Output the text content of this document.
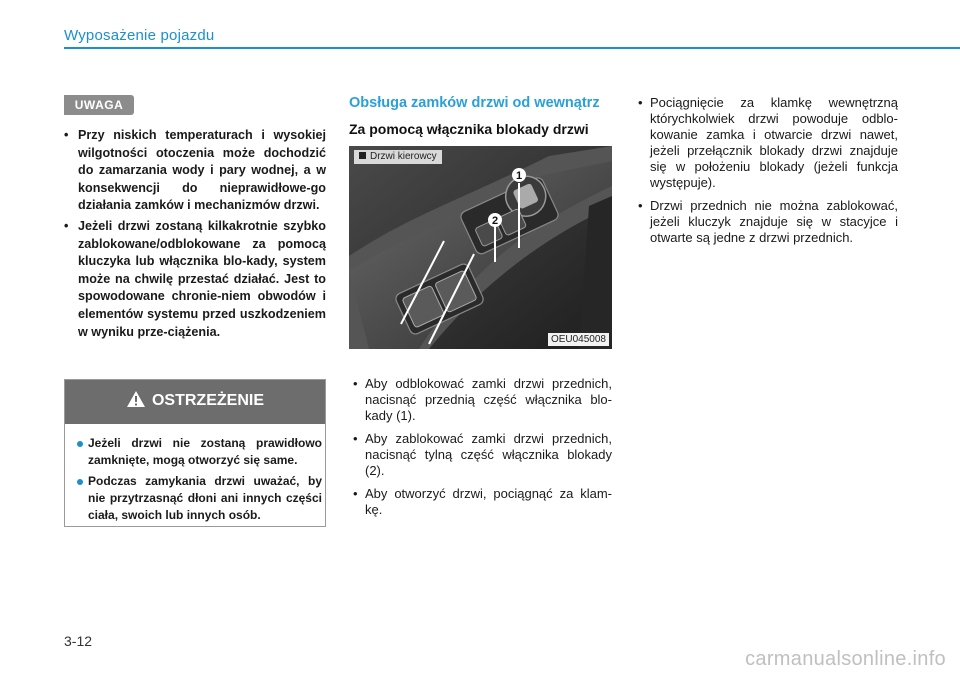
Wyposażenie pojazdu
UWAGA
• Przy niskich temperaturach i wysokiej wilgotności otoczenia może dochodzić do zamarzania wody i pary wodnej, a w konsekwencji do nieprawidłowe-go działania zamków i mechanizmów drzwi.
• Jeżeli drzwi zostaną kilkakrotnie szybko zablokowane/odblokowane za pomocą kluczyka lub włącznika blo-kady, system może na chwilę przestać działać. Jest to spowodowane chronie-niem obwodów i elementów systemu przed uszkodzeniem w wyniku prze-ciążenia.
OSTRZEŻENIE
Jeżeli drzwi nie zostaną prawidłowo zamknięte, mogą otworzyć się same.
Podczas zamykania drzwi uważać, by nie przytrzasnąć dłoni ani innych części ciała, swoich lub innych osób.
Obsługa zamków drzwi od wewnątrz
Za pomocą włącznika blokady drzwi
1
2
Drzwi kierowcy
OEU045008
• Aby odblokować zamki drzwi przednich, nacisnąć przednią część włącznika blo-kady (1).
• Aby zablokować zamki drzwi przednich, nacisnąć tylną część włącznika blokady (2).
• Aby otworzyć drzwi, pociągnąć za klam-kę.
• Pociągnięcie za klamkę wewnętrzną którychkolwiek drzwi powoduje odblo-kowanie zamka i otwarcie drzwi nawet, jeżeli przełącznik blokady drzwi znajduje się w położeniu blokady (jeżeli funkcja występuje).
• Drzwi przednich nie można zablokować, jeżeli kluczyk znajduje się w stacyjce i otwarte są jedne z drzwi przednich.
3-12
carmanualsonline.info
